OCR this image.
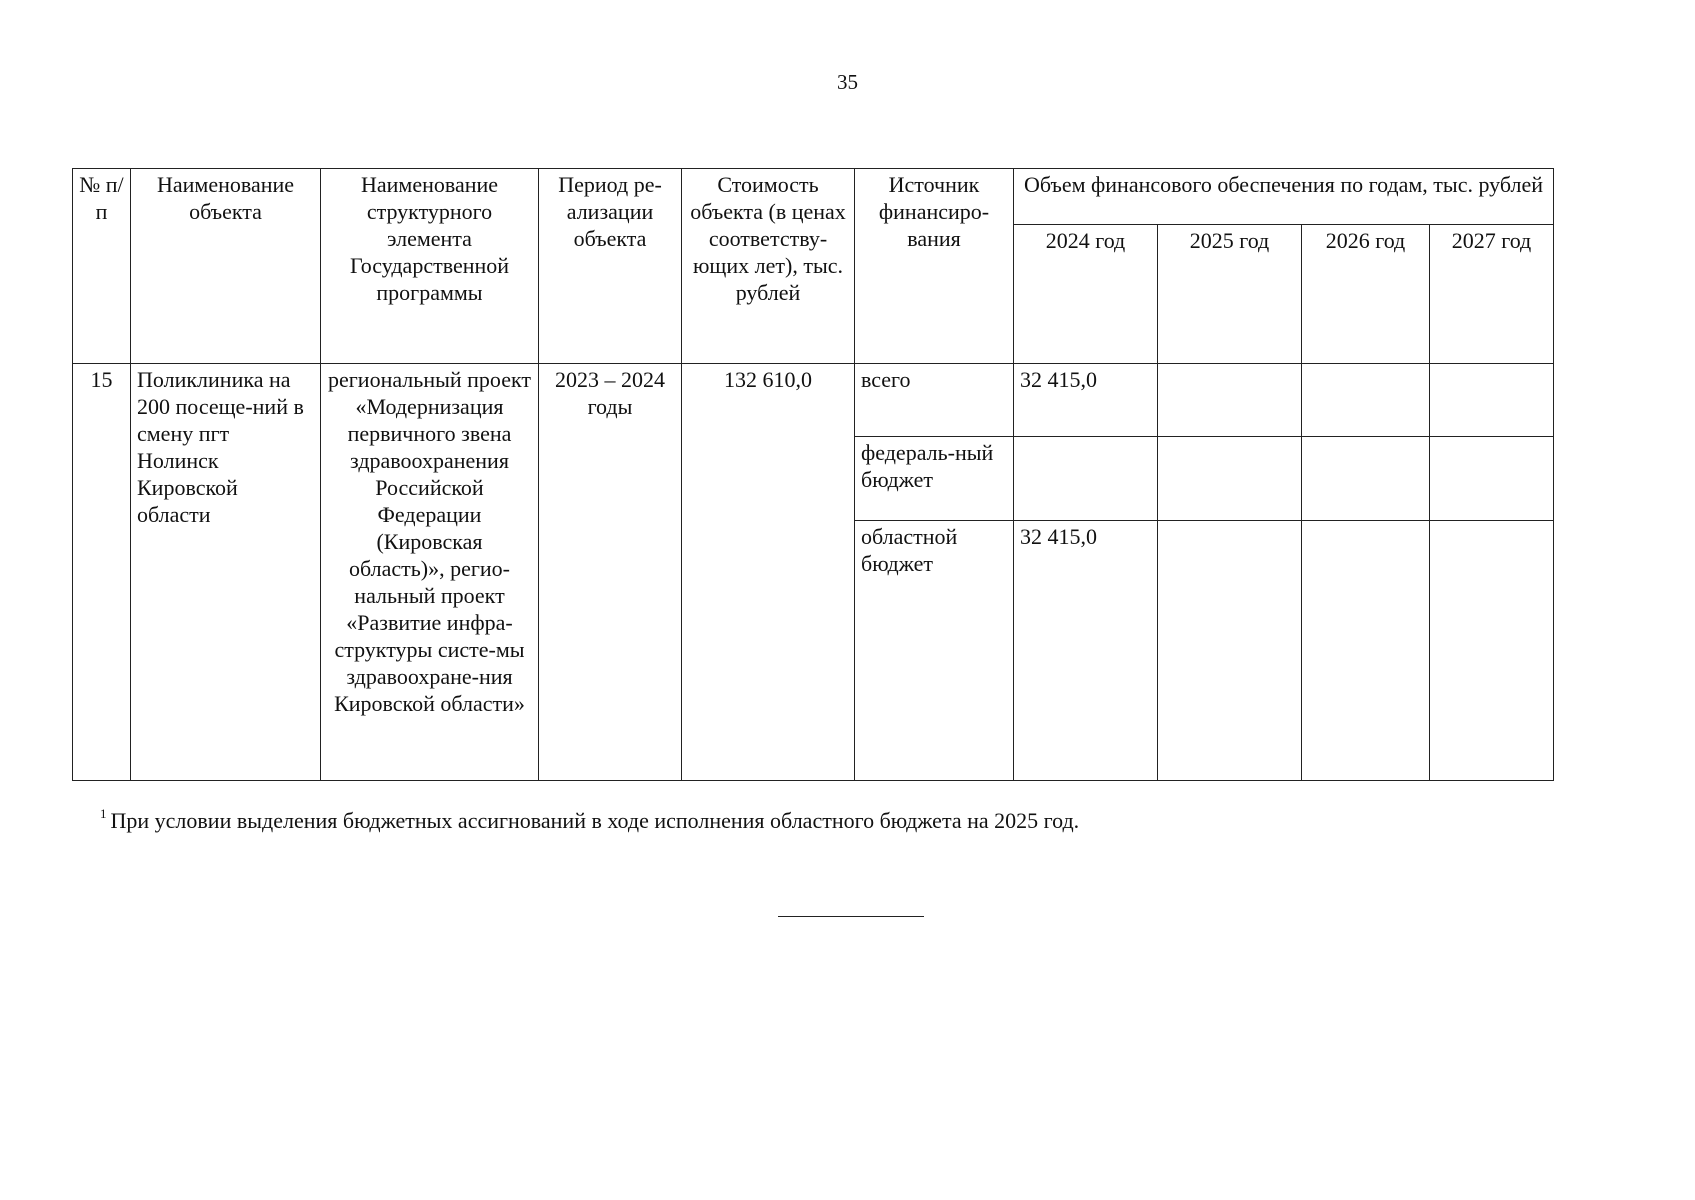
35
№ п/п	Наименование объекта	Наименование структурного элемента Государственной программы	Период ре-ализации объекта	Стоимость объекта (в ценах соответству-ющих лет), тыс. рублей	Источник финансиро-вания	Объем финансового обеспечения по годам, тыс. рублей			
						2024 год	2025 год	2026 год	2027 год
15	Поликлиника на 200 посеще-ний в смену пгт Нолинск Кировской области	региональный проект «Модернизация первичного звена здравоохранения Российской Федерации (Кировская область)», регио-нальный проект «Развитие инфра-структуры систе-мы здравоохране-ния Кировской области»	2023 – 2024 годы	132 610,0	всего	32 415,0			
					федераль-ный бюджет				
					областной бюджет	32 415,0			
$^1$ При условии выделения бюджетных ассигнований в ходе исполнения областного бюджета на 2025 год.
